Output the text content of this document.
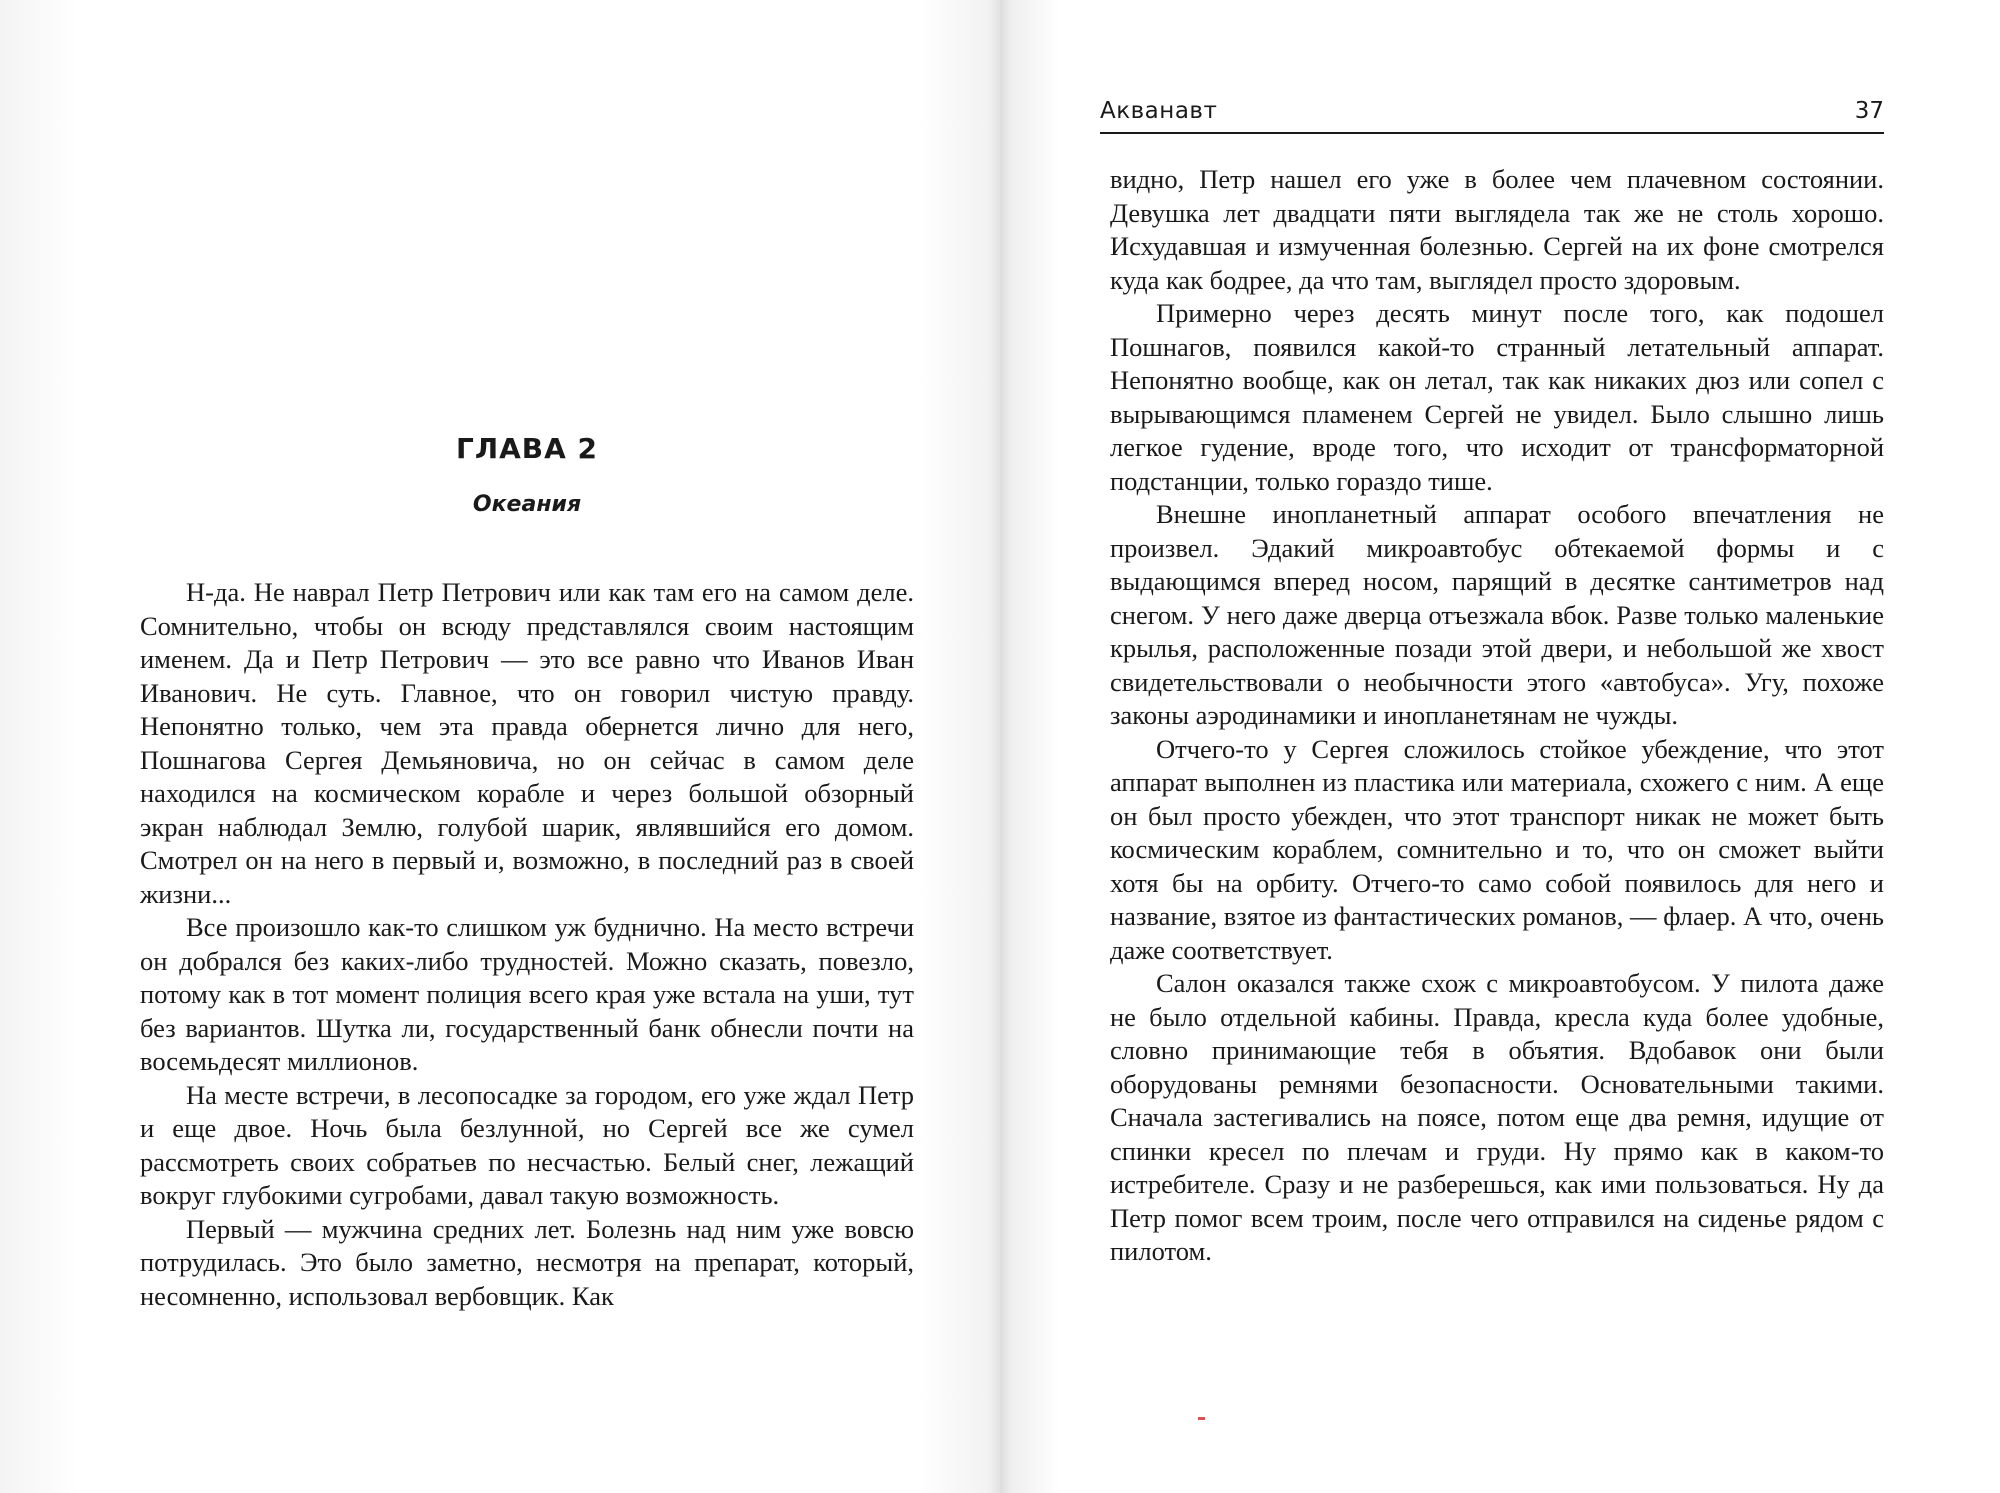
Акванавт	37
ГЛАВА 2
Океания

Н-да. Не наврал Петр Петрович или как там его на самом деле. Сомнительно, чтобы он всюду представлялся своим настоящим именем. Да и Петр Петрович — это все равно что Иванов Иван Иванович. Не суть. Главное, что он говорил чистую правду. Непонятно только, чем эта правда обернется лично для него, Пошнагова Сергея Демьяновича, но он сейчас в самом деле находился на космическом корабле и через большой обзорный экран наблюдал Землю, голубой шарик, являвшийся его домом. Смотрел он на него в первый и, возможно, в последний раз в своей жизни...

Все произошло как-то слишком уж буднично. На место встречи он добрался без каких-либо трудностей. Можно сказать, повезло, потому как в тот момент полиция всего края уже встала на уши, тут без вариантов. Шутка ли, государственный банк обнесли почти на восемьдесят миллионов.

На месте встречи, в лесопосадке за городом, его уже ждал Петр и еще двое. Ночь была безлунной, но Сергей все же сумел рассмотреть своих собратьев по несчастью. Белый снег, лежащий вокруг глубокими сугробами, давал такую возможность.

Первый — мужчина средних лет. Болезнь над ним уже вовсю потрудилась. Это было заметно, несмотря на препарат, который, несомненно, использовал вербовщик. Как

видно, Петр нашел его уже в более чем плачевном состоянии. Девушка лет двадцати пяти выглядела так же не столь хорошо. Исхудавшая и измученная болезнью. Сергей на их фоне смотрелся куда как бодрее, да что там, выглядел просто здоровым.

Примерно через десять минут после того, как подошел Пошнагов, появился какой-то странный летательный аппарат. Непонятно вообще, как он летал, так как никаких дюз или сопел с вырывающимся пламенем Сергей не увидел. Было слышно лишь легкое гудение, вроде того, что исходит от трансформаторной подстанции, только гораздо тише.

Внешне инопланетный аппарат особого впечатления не произвел. Эдакий микроавтобус обтекаемой формы и с выдающимся вперед носом, парящий в десятке сантиметров над снегом. У него даже дверца отъезжала вбок. Разве только маленькие крылья, расположенные позади этой двери, и небольшой же хвост свидетельствовали о необычности этого «автобуса». Угу, похоже законы аэродинамики и инопланетянам не чужды.

Отчего-то у Сергея сложилось стойкое убеждение, что этот аппарат выполнен из пластика или материала, схожего с ним. А еще он был просто убежден, что этот транспорт никак не может быть космическим кораблем, сомнительно и то, что он сможет выйти хотя бы на орбиту. Отчего-то само собой появилось для него и название, взятое из фантастических романов, — флаер. А что, очень даже соответствует.

Салон оказался также схож с микроавтобусом. У пилота даже не было отдельной кабины. Правда, кресла куда более удобные, словно принимающие тебя в объятия. Вдобавок они были оборудованы ремнями безопасности. Основательными такими. Сначала застегивались на поясе, потом еще два ремня, идущие от спинки кресел по плечам и груди. Ну прямо как в каком-то истребителе. Сразу и не разберешься, как ими пользоваться. Ну да Петр помог всем троим, после чего отправился на сиденье рядом с пилотом.
